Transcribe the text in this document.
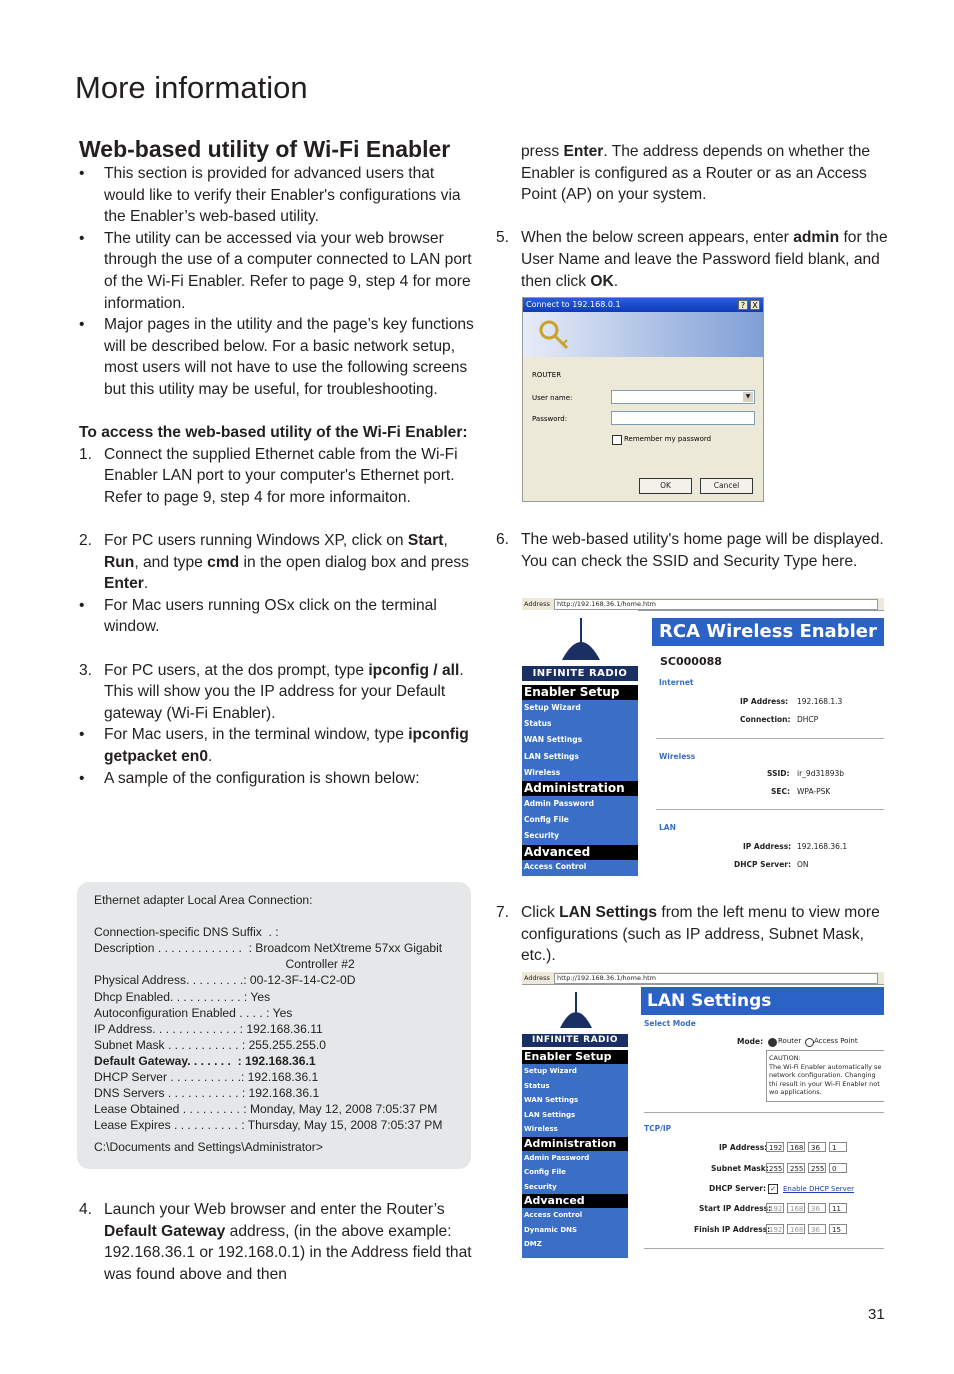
More information
Web-based utility of Wi-Fi Enabler
• This section is provided for advanced users that would like to verify their Enabler's configurations via the Enabler’s web-based utility.
• The utility can be accessed via your web browser through the use of a computer connected to LAN port of the Wi-Fi Enabler. Refer to page 9, step 4 for more information.
• Major pages in the utility and the page’s key functions will be described below. For a basic network setup, most users will not have to use the following screens but this utility may be useful, for troubleshooting.

To access the web-based utility of the Wi-Fi Enabler:

1. Connect the supplied Ethernet cable from the Wi-Fi Enabler LAN port to your computer's Ethernet port. Refer to page 9, step 4 for more informaiton.
2. For PC users running Windows XP, click on Start, Run, and type cmd in the open dialog box and press Enter.
• For Mac users running OSx click on the terminal window.
3. For PC users, at the dos prompt, type ipconfig / all. This will show you the IP address for your Default gateway (Wi-Fi Enabler).
• For Mac users, in the terminal window, type ipconfig getpacket en0.
• A sample of the configuration is shown below:
Ethernet adapter Local Area Connection:

Connection-specific DNS Suffix  . :
Description . . . . . . . . . . . . .  : Broadcom NetXtreme 57xx Gigabit
Controller #2
Physical Address. . . . . . . . .: 00-12-3F-14-C2-0D
Dhcp Enabled. . . . . . . . . . . : Yes
Autoconfiguration Enabled . . . . : Yes
IP Address. . . . . . . . . . . . . : 192.168.36.11
Subnet Mask . . . . . . . . . . . : 255.255.255.0
Default Gateway. . . . . . .  : 192.168.36.1
DHCP Server . . . . . . . . . . .: 192.168.36.1
DNS Servers . . . . . . . . . . . : 192.168.36.1
Lease Obtained . . . . . . . . . : Monday, May 12, 2008 7:05:37 PM
Lease Expires . . . . . . . . . . : Thursday, May 15, 2008 7:05:37 PM
C:\Documents and Settings\Administrator>
4. Launch your Web browser and enter the Router’s Default Gateway address, (in the above example: 192.168.36.1 or 192.168.0.1) in the Address field that was found above and then
press Enter. The address depends on whether the Enabler is configured as a Router or as an Access Point (AP) on your system.
5. When the below screen appears, enter admin for the User Name and leave the Password field blank, and then click OK.
6. The web-based utility's home page will be displayed. You can check the SSID and Security Type here.
7. Click LAN Settings from the left menu to view more configurations (such as IP address, Subnet Mask, etc.).
Connect to 192.168.0.1	? X
ROUTER
User name:	▼
Password:
Remember my password
OK	Cancel
Address	http://192.168.36.1/home.htm
INFINITE RADIO
Enabler Setup
Setup Wizard
Status
WAN Settings
LAN Settings
Wireless
Administration
Admin Password
Config File
Security
Advanced
Access Control
RCA Wireless Enabler
SC000088
Internet
IP Address: 192.168.1.3
Connection: DHCP
Wireless
SSID: ir_9d31893b
SEC: WPA-PSK
LAN
IP Address: 192.168.36.1
DHCP Server: ON
Address	http://192.168.36.1/home.htm
INFINITE RADIO
Enabler Setup
Setup Wizard
Status
WAN Settings
LAN Settings
Wireless
Administration
Admin Password
Config File
Security
Advanced
Access Control
Dynamic DNS
DMZ
LAN Settings
Select Mode
Mode: Router Access Point
CAUTION:
The Wi-Fi Enabler automatically se network configuration. Changing thi result in your Wi-Fi Enabler not wo applications.
TCP/IP
IP Address: 192 168 36 1
Subnet Mask: 255 255 255 0
DHCP Server: ✓ Enable DHCP Server
Start IP Address:
192 168 36 11
Finish IP Address:
192 168 36 15
31
